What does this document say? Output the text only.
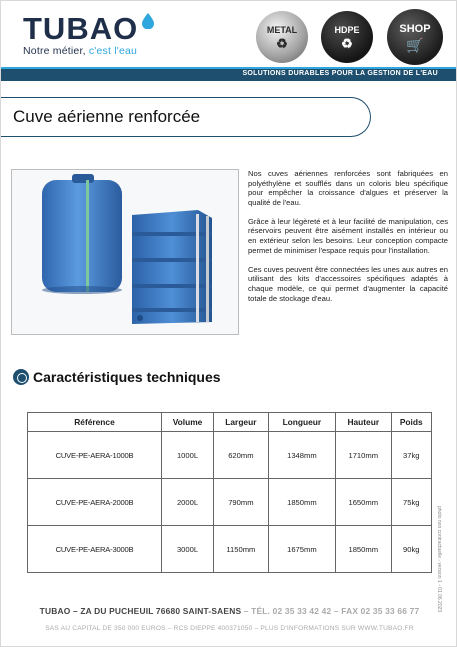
TUBAO
Notre métier, c'est l'eau
METAL
♻
HDPE
♻
SHOP
🛒
SOLUTIONS DURABLES POUR LA GESTION DE L'EAU
Cuve aérienne renforcée

Nos cuves aériennes renforcées sont fabriquées en polyéthylène et soufflés dans un coloris bleu spécifique pour empêcher la croissance d'algues et préserver la qualité de l'eau.

Grâce à leur légèreté et à leur facilité de manipulation, ces réservoirs peuvent être aisément installés en intérieur ou en extérieur selon les besoins. Leur conception compacte permet de minimiser l'espace requis pour l'installation.

Ces cuves peuvent être connectées les unes aux autres en utilisant des kits d'accessoires spécifiques adaptés à chaque modèle, ce qui permet d'augmenter la capacité totale de stockage d'eau.

Caractéristiques techniques
Référence	Volume	Largeur	Longueur	Hauteur	Poids
CUVE-PE-AERA-1000B	1000L	620mm	1348mm	1710mm	37kg
CUVE-PE-AERA-2000B	2000L	790mm	1850mm	1650mm	75kg
CUVE-PE-AERA-3000B	3000L	1150mm	1675mm	1850mm	90kg	photo non contractuelle - version 1 - 01.06.2023
TUBAO – ZA DU PUCHEUIL 76680 SAINT-SAENS – TÉL. 02 35 33 42 42 – FAX 02 35 33 66 77
SAS AU CAPITAL DE 350 000 EUROS – RCS DIEPPE 400371050 – PLUS D'INFORMATIONS SUR WWW.TUBAO.FR
